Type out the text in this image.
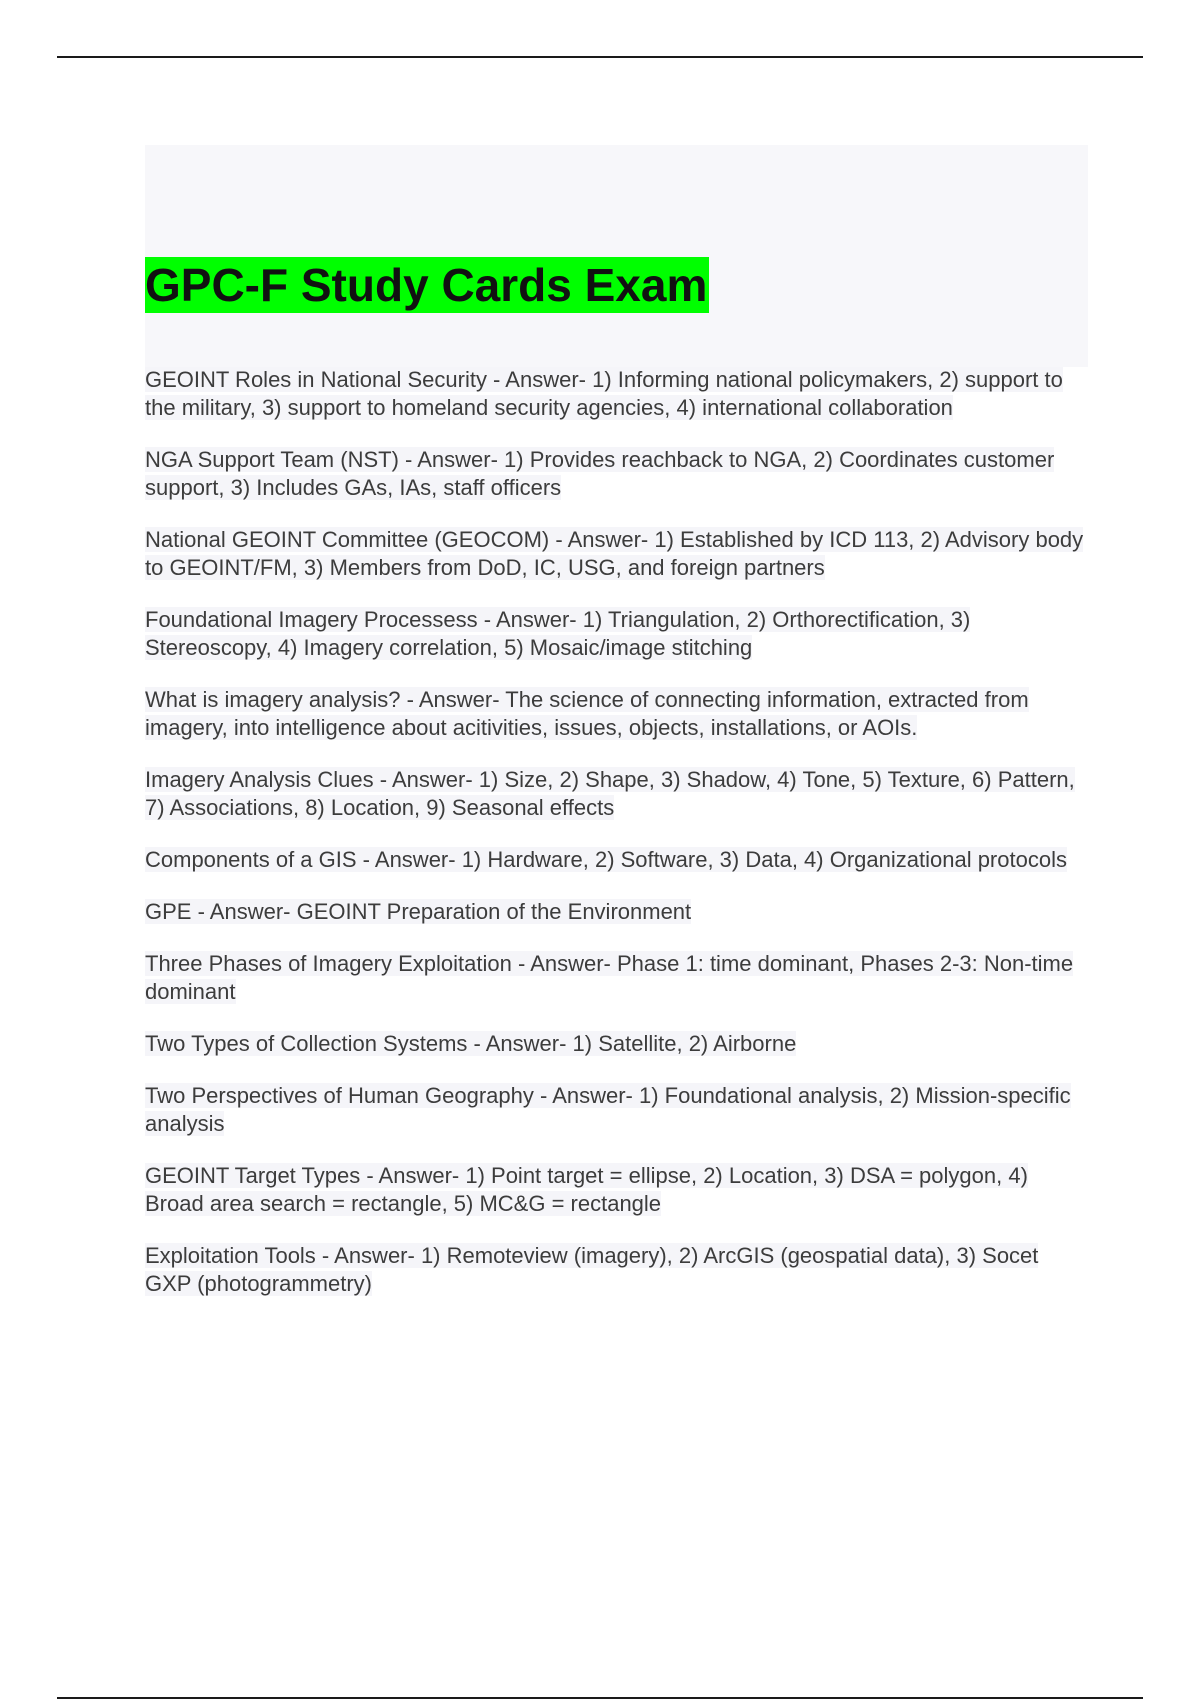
GPC-F Study Cards Exam
GEOINT Roles in National Security - Answer- 1) Informing national policymakers, 2) support to the military, 3) support to homeland security agencies, 4) international collaboration
NGA Support Team (NST) - Answer- 1) Provides reachback to NGA, 2) Coordinates customer support, 3) Includes GAs, IAs, staff officers
National GEOINT Committee (GEOCOM) - Answer- 1) Established by ICD 113, 2) Advisory body to GEOINT/FM, 3) Members from DoD, IC, USG, and foreign partners
Foundational Imagery Processess - Answer- 1) Triangulation, 2) Orthorectification, 3) Stereoscopy, 4) Imagery correlation, 5) Mosaic/image stitching
What is imagery analysis? - Answer- The science of connecting information, extracted from imagery, into intelligence about acitivities, issues, objects, installations, or AOIs.
Imagery Analysis Clues - Answer- 1) Size, 2) Shape, 3) Shadow, 4) Tone, 5) Texture, 6) Pattern, 7) Associations, 8) Location, 9) Seasonal effects
Components of a GIS - Answer- 1) Hardware, 2) Software, 3) Data, 4) Organizational protocols
GPE - Answer- GEOINT Preparation of the Environment
Three Phases of Imagery Exploitation - Answer- Phase 1: time dominant, Phases 2-3: Non-time dominant
Two Types of Collection Systems - Answer- 1) Satellite, 2) Airborne
Two Perspectives of Human Geography - Answer- 1) Foundational analysis, 2) Mission-specific analysis
GEOINT Target Types - Answer- 1) Point target = ellipse, 2) Location, 3) DSA = polygon, 4) Broad area search = rectangle, 5) MC&G = rectangle
Exploitation Tools - Answer- 1) Remoteview (imagery), 2) ArcGIS (geospatial data), 3) Socet GXP (photogrammetry)
